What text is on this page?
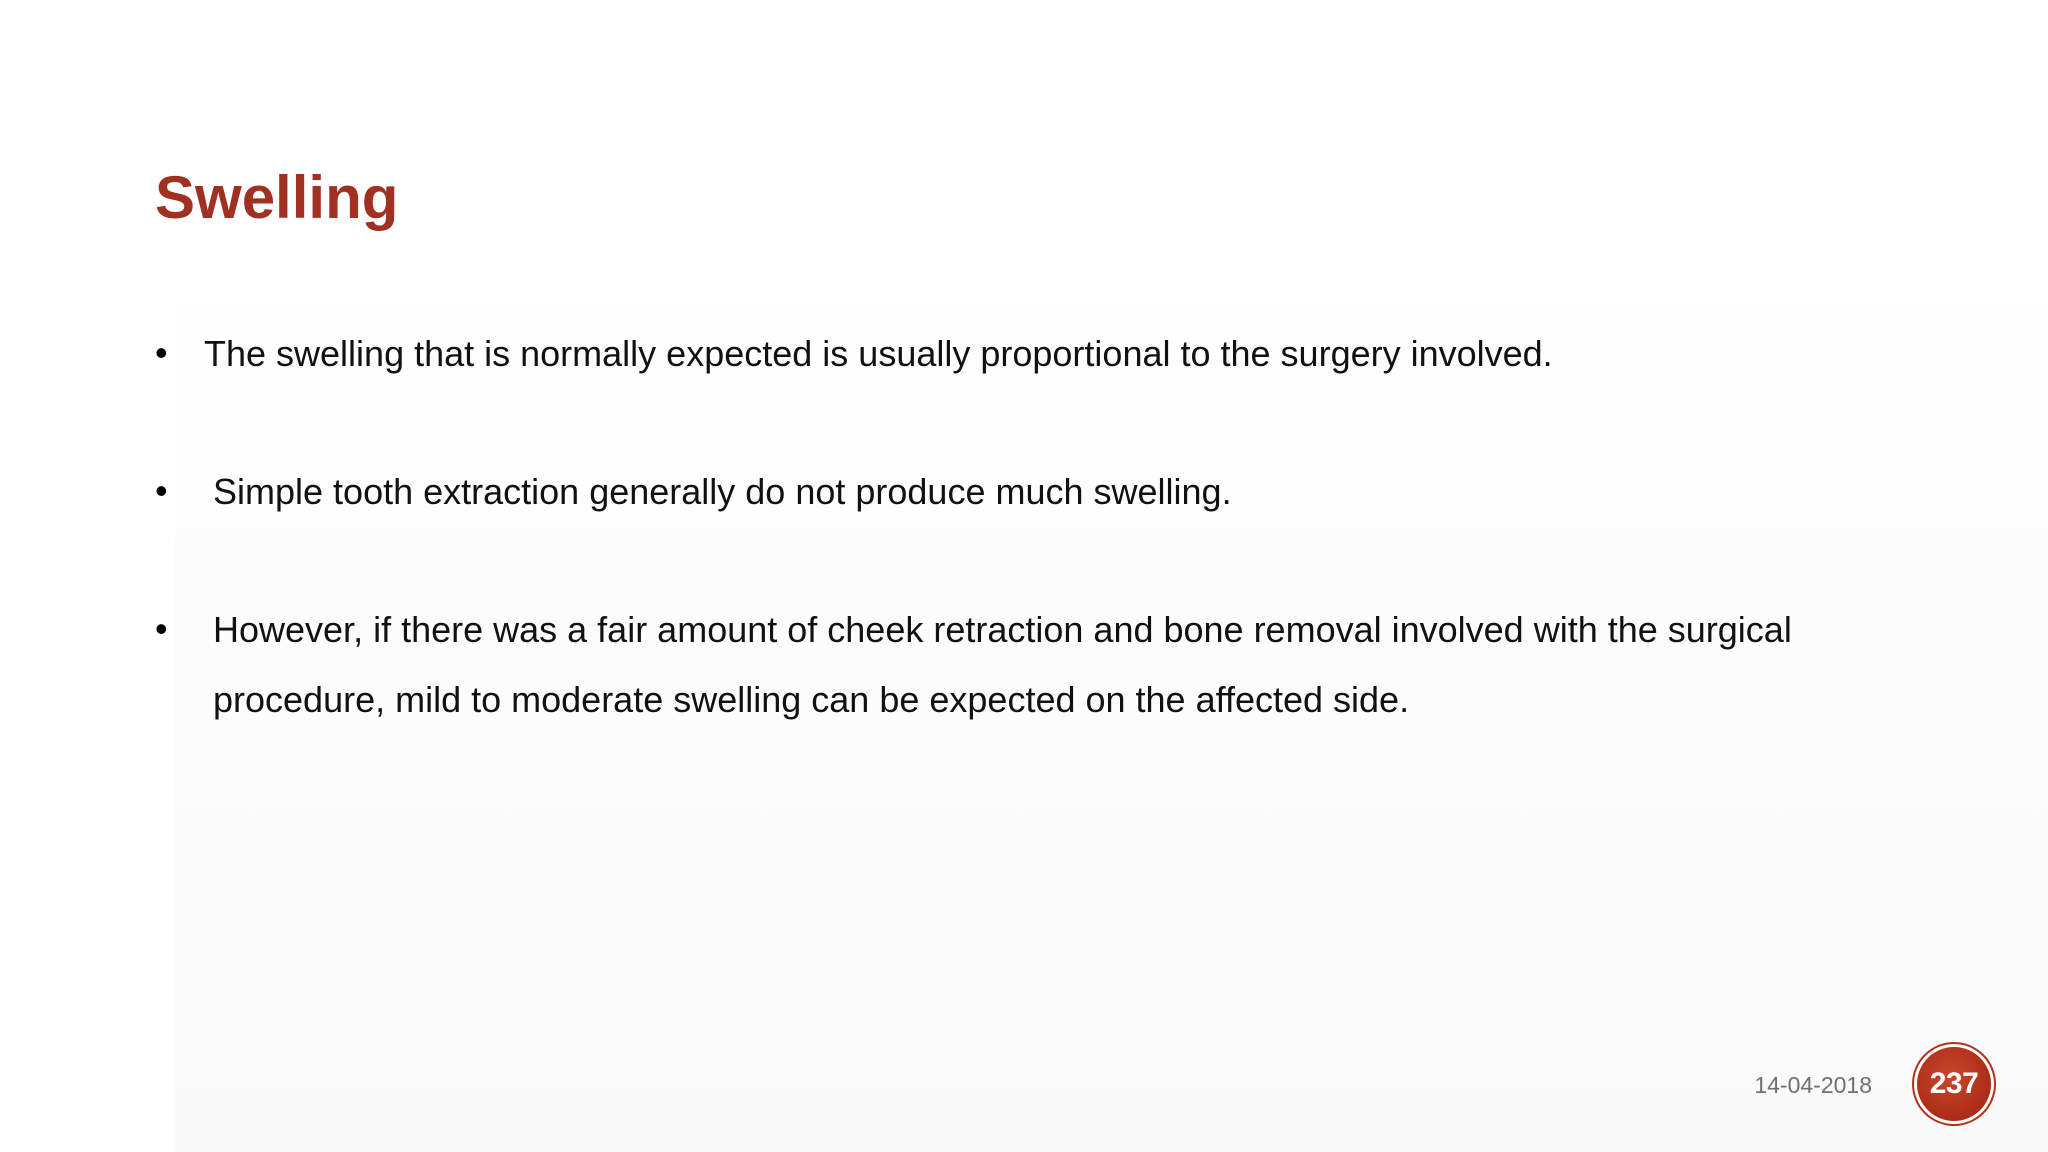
Swelling
•	The swelling that is normally expected is usually proportional to the surgery involved.
•	Simple tooth extraction generally do not produce much swelling.
•	However, if there was a fair amount of cheek retraction and bone removal involved with the surgical procedure, mild to moderate swelling can be expected on the affected side.
14-04-2018 237
